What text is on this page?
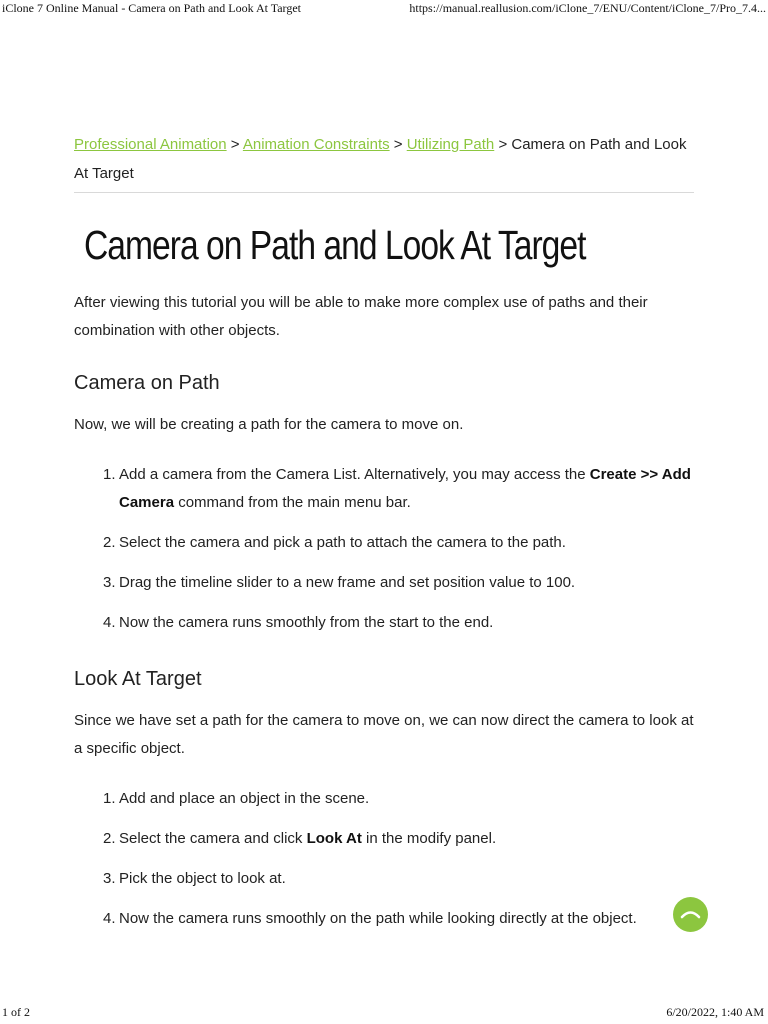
iClone 7 Online Manual - Camera on Path and Look At Target	https://manual.reallusion.com/iClone_7/ENU/Content/iClone_7/Pro_7.4...
Professional Animation > Animation Constraints > Utilizing Path > Camera on Path and Look At Target
Camera on Path and Look At Target

After viewing this tutorial you will be able to make more complex use of paths and their combination with other objects.

Camera on Path

Now, we will be creating a path for the camera to move on.

1. Add a camera from the Camera List. Alternatively, you may access the Create >> Add Camera command from the main menu bar.
2. Select the camera and pick a path to attach the camera to the path.
3. Drag the timeline slider to a new frame and set position value to 100.
4. Now the camera runs smoothly from the start to the end.
Look At Target

Since we have set a path for the camera to move on, we can now direct the camera to look at a specific object.

1. Add and place an object in the scene.
2. Select the camera and click Look At in the modify panel.
3. Pick the object to look at.
4. Now the camera runs smoothly on the path while looking directly at the object.
1 of 2	6/20/2022, 1:40 AM
